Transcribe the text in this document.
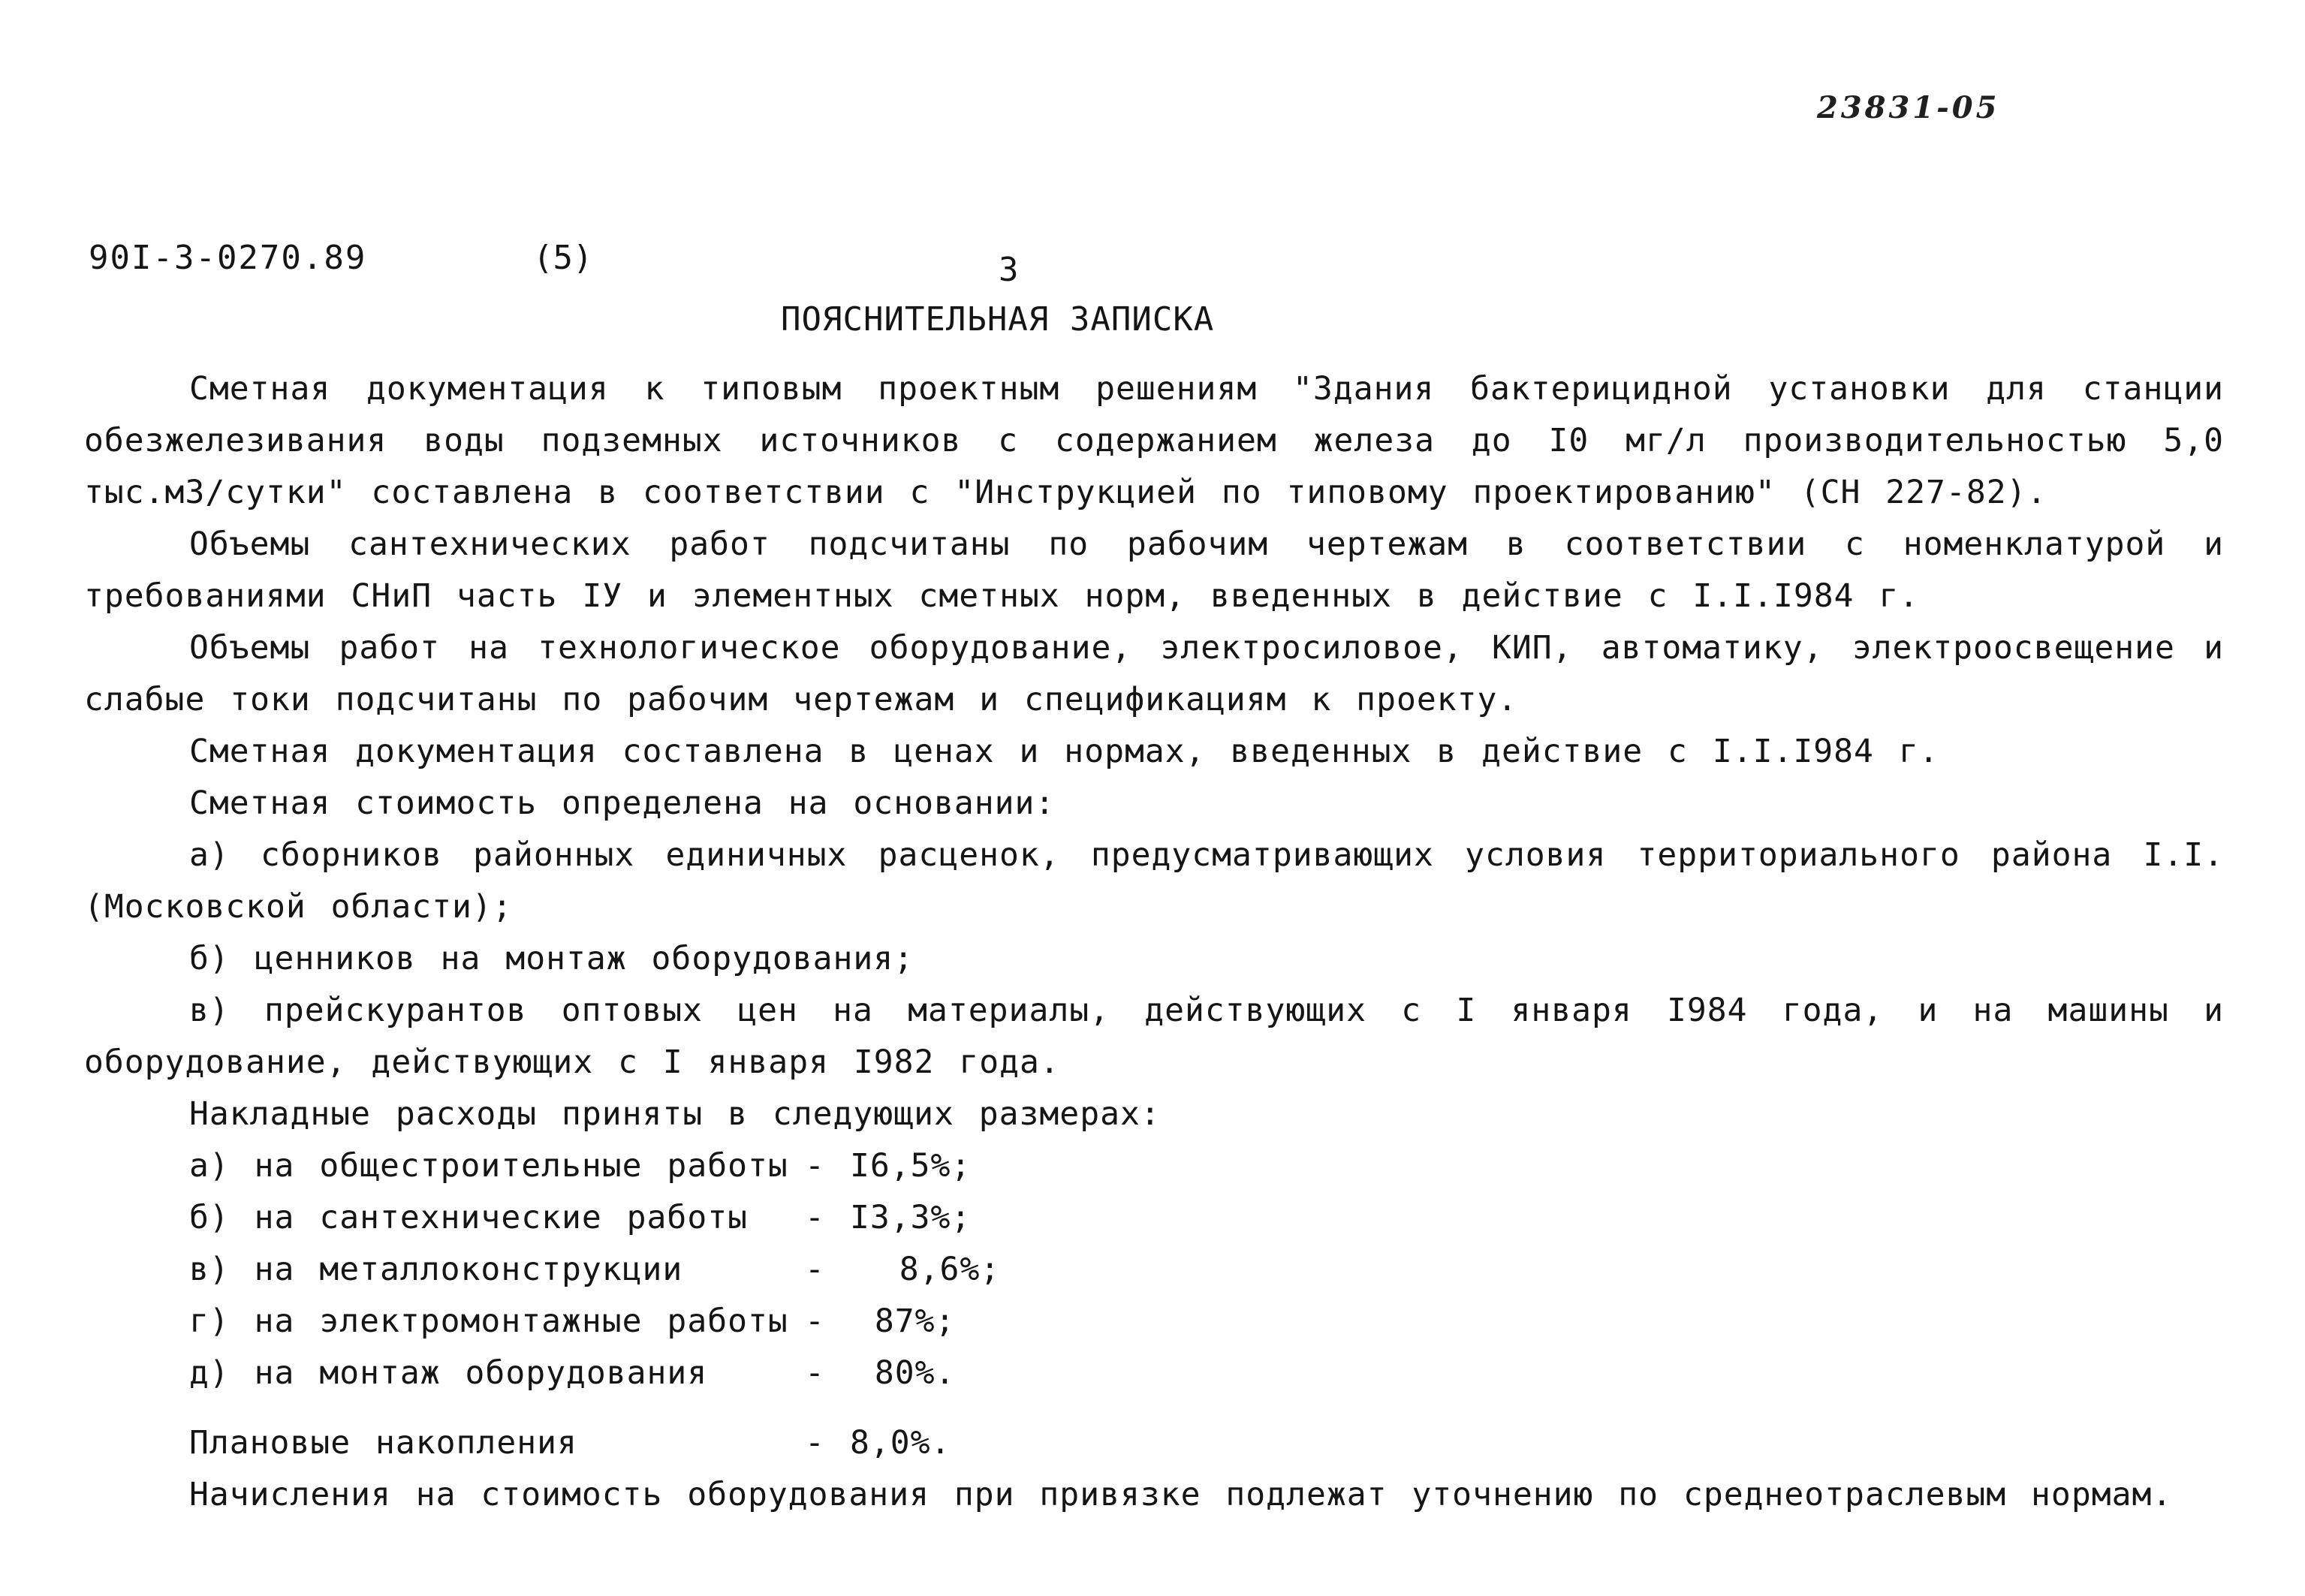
23831-05
90I-3-0270.89	(5)	3
ПОЯСНИТЕЛЬНАЯ ЗАПИСКА

Сметная документация к типовым проектным решениям "Здания бактерицидной установки для станции обезжелезивания воды подземных источников с содержанием железа до I0 мг/л производительностью 5,0 тыс.м3/сутки" составлена в соответствии с "Инструкцией по типовому проектированию" (СН 227-82).

Объемы сантехнических работ подсчитаны по рабочим чертежам в соответствии с номенклатурой и требованиями СНиП часть IУ и элементных сметных норм, введенных в действие с I.I.I984 г.

Объемы работ на технологическое оборудование, электросиловое, КИП, автоматику, электроосвещение и слабые токи подсчитаны по рабочим чертежам и спецификациям к проекту.

Сметная документация составлена в ценах и нормах, введенных в действие с I.I.I984 г.

Сметная стоимость определена на основании:

а) сборников районных единичных расценок, предусматривающих условия территориального района I.I. (Московской области);

б) ценников на монтаж оборудования;

в) прейскурантов оптовых цен на материалы, действующих с I января I984 года, и на машины и оборудование, действующих с I января I982 года.

Накладные расходы приняты в следующих размерах:

а) на общестроительные работы - I6,5%;
б) на сантехнические работы	- I3,3%;
в) на металлоконструкции	- 8,6%;
г) на электромонтажные работы - 87%;
д) на монтаж оборудования	- 80%.
Плановые накопления	- 8,0%.

Начисления на стоимость оборудования при привязке подлежат уточнению по среднеотраслевым нормам.
